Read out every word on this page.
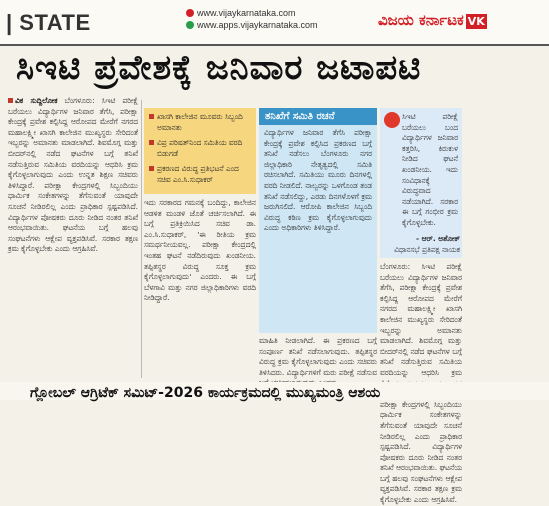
| STATE	www.vijaykarnataka.com
www.apps.vijaykarnataka.com	ವಿಜಯ ಕರ್ನಾಟಕ VK
ಸಿಇಟಿ ಪ್ರವೇಶಕ್ಕೆ ಜನಿವಾರ ಜಟಾಪಟಿ
ವಿಕ ಸುದ್ದಿಲೋಕ ಬೆಂಗಳೂರು: ಸಿಇಟಿ ಪರೀಕ್ಷೆ ಬರೆಯಲು ವಿದ್ಯಾರ್ಥಿಗಳ ಜನಿವಾರ ತೆಗೆಸಿ, ಪರೀಕ್ಷಾ ಕೇಂದ್ರಕ್ಕೆ ಪ್ರವೇಶ ಕಲ್ಪಿಸಿದ್ದ ಆರೋಪದ ಮೇರೆಗೆ ನಗರದ ಮಹಾಲಕ್ಷ್ಮೀ ಖಾಸಗಿ ಕಾಲೇಜಿನ ಮುಖ್ಯಸ್ಥರು ಸೇರಿದಂತೆ ಇಬ್ಬರನ್ನು ಅಮಾನತು ಮಾಡಲಾಗಿದೆ. ಶಿವಮೊಗ್ಗ ಮತ್ತು ಬೀದರ್‌ನಲ್ಲಿ ನಡೆದ ಘಟನೆಗಳ ಬಗ್ಗೆ ತನಿಖೆ ನಡೆಸುತ್ತಿರುವ ಸಮಿತಿಯ ವರದಿಯನ್ನು ಆಧರಿಸಿ ಕ್ರಮ ಕೈಗೊಳ್ಳಲಾಗುವುದು ಎಂದು ಉನ್ನತ ಶಿಕ್ಷಣ ಸಚಿವರು ತಿಳಿಸಿದ್ದಾರೆ. ಪರೀಕ್ಷಾ ಕೇಂದ್ರಗಳಲ್ಲಿ ಸಿಬ್ಬಂದಿಯು ಧಾರ್ಮಿಕ ಸಂಕೇತಗಳನ್ನು ತೆಗೆಸುವಂತೆ ಯಾವುದೇ ಸೂಚನೆ ನೀಡಿರಲಿಲ್ಲ ಎಂದು ಪ್ರಾಧಿಕಾರ ಸ್ಪಷ್ಟಪಡಿಸಿದೆ. ವಿದ್ಯಾರ್ಥಿಗಳ ಪೋಷಕರು ದೂರು ನೀಡಿದ ನಂತರ ತನಿಖೆ ಆರಂಭವಾಯಿತು. ಘಟನೆಯ ಬಗ್ಗೆ ಹಲವು ಸಂಘಟನೆಗಳು ಆಕ್ಷೇಪ ವ್ಯಕ್ತಪಡಿಸಿವೆ. ಸರಕಾರ ತಕ್ಷಣ ಕ್ರಮ ಕೈಗೊಳ್ಳಬೇಕು ಎಂದು ಆಗ್ರಹಿಸಿವೆ.
ಖಾಸಗಿ ಕಾಲೇಜಿನ ಮೂವರು ಸಿಬ್ಬಂದಿ ಅಮಾನತು
ವಿಪ್ರ ಪರಿಷತ್‌ನಿಂದ ಸಮಿತಿಯ ವರದಿ ಬಿಡುಗಡೆ
ಪ್ರಕರಣದ ವಿರುದ್ಧ ಪ್ರತಿಭಟನೆ ಎಂದ ಸಚಿವ ಎಂ.ಸಿ.ಸುಧಾಕರ್
ಇದು ಸರಕಾರದ ಗಮನಕ್ಕೆ ಬಂದಿದ್ದು, ಕಾಲೇಜಿನ ಆಡಳಿತ ಮಂಡಳಿ ಜೊತೆ ಚರ್ಚಿಸಲಾಗಿದೆ. ಈ ಬಗ್ಗೆ ಪ್ರತಿಕ್ರಿಯಿಸಿದ ಸಚಿವ ಡಾ. ಎಂ.ಸಿ.ಸುಧಾಕರ್, 'ಈ ರೀತಿಯ ಕ್ರಮ ಸಮರ್ಥನೀಯವಲ್ಲ. ಪರೀಕ್ಷಾ ಕೇಂದ್ರದಲ್ಲಿ ಇಂತಹ ಘಟನೆ ನಡೆದಿರುವುದು ಖಂಡನೀಯ. ತಪ್ಪಿತಸ್ಥರ ವಿರುದ್ಧ ಸೂಕ್ತ ಕ್ರಮ ಕೈಗೊಳ್ಳಲಾಗುವುದು' ಎಂದರು. ಈ ಬಗ್ಗೆ ಬೆಳಗಾವಿ ಮತ್ತು ನಗರ ಜಿಲ್ಲಾಧಿಕಾರಿಗಳು ವರದಿ ನೀಡಿದ್ದಾರೆ.
ತನಿಖೆಗೆ ಸಮಿತಿ ರಚನೆ
ವಿದ್ಯಾರ್ಥಿಗಳ ಜನಿವಾರ ತೆಗೆಸಿ ಪರೀಕ್ಷಾ ಕೇಂದ್ರಕ್ಕೆ ಪ್ರವೇಶ ಕಲ್ಪಿಸಿದ ಪ್ರಕರಣದ ಬಗ್ಗೆ ತನಿಖೆ ನಡೆಸಲು ಬೆಂಗಳೂರು ನಗರ ಜಿಲ್ಲಾಧಿಕಾರಿ ನೇತೃತ್ವದಲ್ಲಿ ಸಮಿತಿ ರಚಿಸಲಾಗಿದೆ. ಸಮಿತಿಯು ಮೂರು ದಿನಗಳಲ್ಲಿ ವರದಿ ನೀಡಲಿದೆ. ನಾಲ್ವರನ್ನು ಒಳಗೊಂಡ ತಂಡ ತನಿಖೆ ನಡೆಸಲಿದ್ದು, ಎರಡು ದಿನಗಳೊಳಗೆ ಕ್ರಮ ಜರುಗಿಸಲಿದೆ. ಆರೋಪಿ ಕಾಲೇಜಿನ ಸಿಬ್ಬಂದಿ ವಿರುದ್ಧ ಕಠಿಣ ಕ್ರಮ ಕೈಗೊಳ್ಳಲಾಗುವುದು ಎಂದು ಅಧಿಕಾರಿಗಳು ತಿಳಿಸಿದ್ದಾರೆ.
ಮಾಹಿತಿ ನೀಡಲಾಗಿದೆ. ಈ ಪ್ರಕರಣದ ಬಗ್ಗೆ ಸಂಪೂರ್ಣ ತನಿಖೆ ನಡೆಸಲಾಗುವುದು. ತಪ್ಪಿತಸ್ಥರ ವಿರುದ್ಧ ಕ್ರಮ ಕೈಗೊಳ್ಳಲಾಗುವುದು ಎಂದು ಸಚಿವರು ತಿಳಿಸಿದರು. ವಿದ್ಯಾರ್ಥಿಗಳಿಗೆ ಮರು ಪರೀಕ್ಷೆ ನಡೆಸುವ
ಸಿಇಟಿ ಪರೀಕ್ಷೆ ಬರೆಯಲು ಬಂದ ವಿದ್ಯಾರ್ಥಿಗಳ ಜನಿವಾರ ಕತ್ತರಿಸಿ, ಕಿರುಕುಳ ನೀಡಿದ ಘಟನೆ ಖಂಡನೀಯ. ಇದು ಸಂವಿಧಾನಕ್ಕೆ ವಿರುದ್ಧವಾದ ನಡೆಯಾಗಿದೆ. ಸರಕಾರ ಈ ಬಗ್ಗೆ ಗಂಭೀರ ಕ್ರಮ ಕೈಗೊಳ್ಳಬೇಕು.
- ಆರ್. ಅಶೋಕ್
ವಿಧಾನಸಭೆ ಪ್ರತಿಪಕ್ಷ ನಾಯಕ
ಬೆಂಗಳೂರು: ಸಿಇಟಿ ಪರೀಕ್ಷೆ ಬರೆಯಲು ವಿದ್ಯಾರ್ಥಿಗಳ ಜನಿವಾರ ತೆಗೆಸಿ, ಪರೀಕ್ಷಾ ಕೇಂದ್ರಕ್ಕೆ ಪ್ರವೇಶ ಕಲ್ಪಿಸಿದ್ದ ಆರೋಪದ ಮೇರೆಗೆ ನಗರದ ಮಹಾಲಕ್ಷ್ಮೀ ಖಾಸಗಿ ಕಾಲೇಜಿನ ಮುಖ್ಯಸ್ಥರು ಸೇರಿದಂತೆ ಇಬ್ಬರನ್ನು ಅಮಾನತು ಮಾಡಲಾಗಿದೆ. ಶಿವಮೊಗ್ಗ ಮತ್ತು ಬೀದರ್‌ನಲ್ಲಿ ನಡೆದ ಘಟನೆಗಳ ಬಗ್ಗೆ ತನಿಖೆ ನಡೆಸುತ್ತಿರುವ ಸಮಿತಿಯ ವರದಿಯನ್ನು ಆಧರಿಸಿ ಕ್ರಮ ಪರೀಕ್ಷಾ ಕೇಂದ್ರಗಳಲ್ಲಿ ಸಿಬ್ಬಂದಿಯು ಧಾರ್ಮಿಕ ಸಂಕೇತಗಳನ್ನು ತೆಗೆಸುವಂತೆ ಯಾವುದೇ ಸೂಚನೆ ನೀಡಿರಲಿಲ್ಲ ಎಂದು ಪ್ರಾಧಿಕಾರ ಸ್ಪಷ್ಟಪಡಿಸಿದೆ. ವಿದ್ಯಾರ್ಥಿಗಳ ಪೋಷಕರು ದೂರು ನೀಡಿದ ನಂತರ ತನಿಖೆ ಆರಂಭವಾಯಿತು. ಘಟನೆಯ ಬಗ್ಗೆ ಹಲವು ಸಂಘಟನೆಗಳು ಆಕ್ಷೇಪ ವ್ಯಕ್ತಪಡಿಸಿವೆ. ಸರಕಾರ ತಕ್ಷಣ ಕ್ರಮ ಕೈಗೊಳ್ಳಬೇಕು ಎಂದು ಆಗ್ರಹಿಸಿವೆ.
ಗ್ಲೋಬಲ್ ಆಗ್ರಿಟೆಕ್ ಸಮಿಟ್-2026 ಕಾರ್ಯಕ್ರಮದಲ್ಲಿ ಮುಖ್ಯಮಂತ್ರಿ ಆಶಯ
